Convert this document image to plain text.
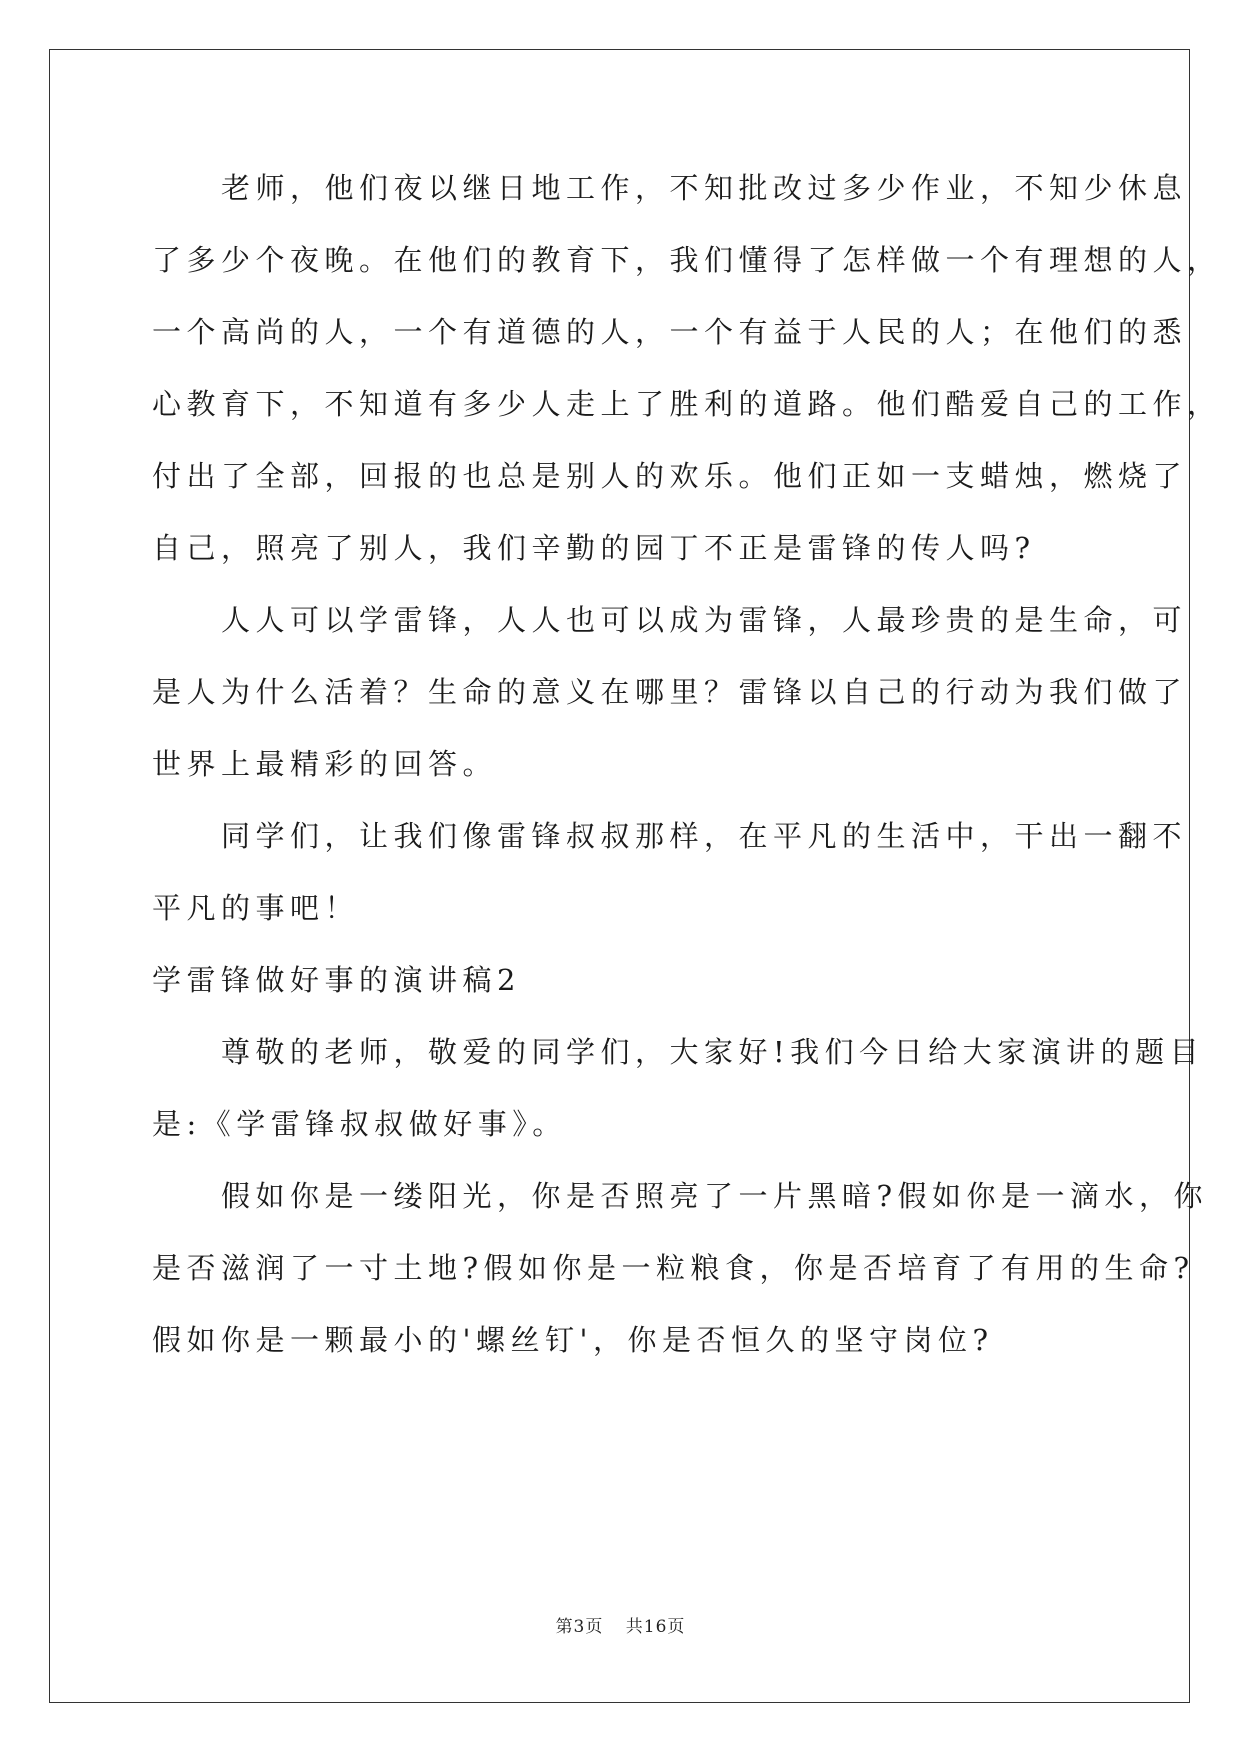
　　老师，他们夜以继日地工作，不知批改过多少作业，不知少休息
了多少个夜晚。在他们的教育下，我们懂得了怎样做一个有理想的人，
一个高尚的人，一个有道德的人，一个有益于人民的人；在他们的悉
心教育下，不知道有多少人走上了胜利的道路。他们酷爱自己的工作，
付出了全部，回报的也总是别人的欢乐。他们正如一支蜡烛，燃烧了
自己，照亮了别人，我们辛勤的园丁不正是雷锋的传人吗?
　　人人可以学雷锋，人人也可以成为雷锋，人最珍贵的是生命，可
是人为什么活着？生命的意义在哪里？雷锋以自己的行动为我们做了
世界上最精彩的回答。
　　同学们，让我们像雷锋叔叔那样，在平凡的生活中，干出一翻不
平凡的事吧！
学雷锋做好事的演讲稿2
　　尊敬的老师，敬爱的同学们，大家好!我们今日给大家演讲的题目
是:《学雷锋叔叔做好事》。
　　假如你是一缕阳光，你是否照亮了一片黑暗?假如你是一滴水，你
是否滋润了一寸土地?假如你是一粒粮食，你是否培育了有用的生命?
假如你是一颗最小的'螺丝钉'，你是否恒久的坚守岗位?
第3页 共16页
